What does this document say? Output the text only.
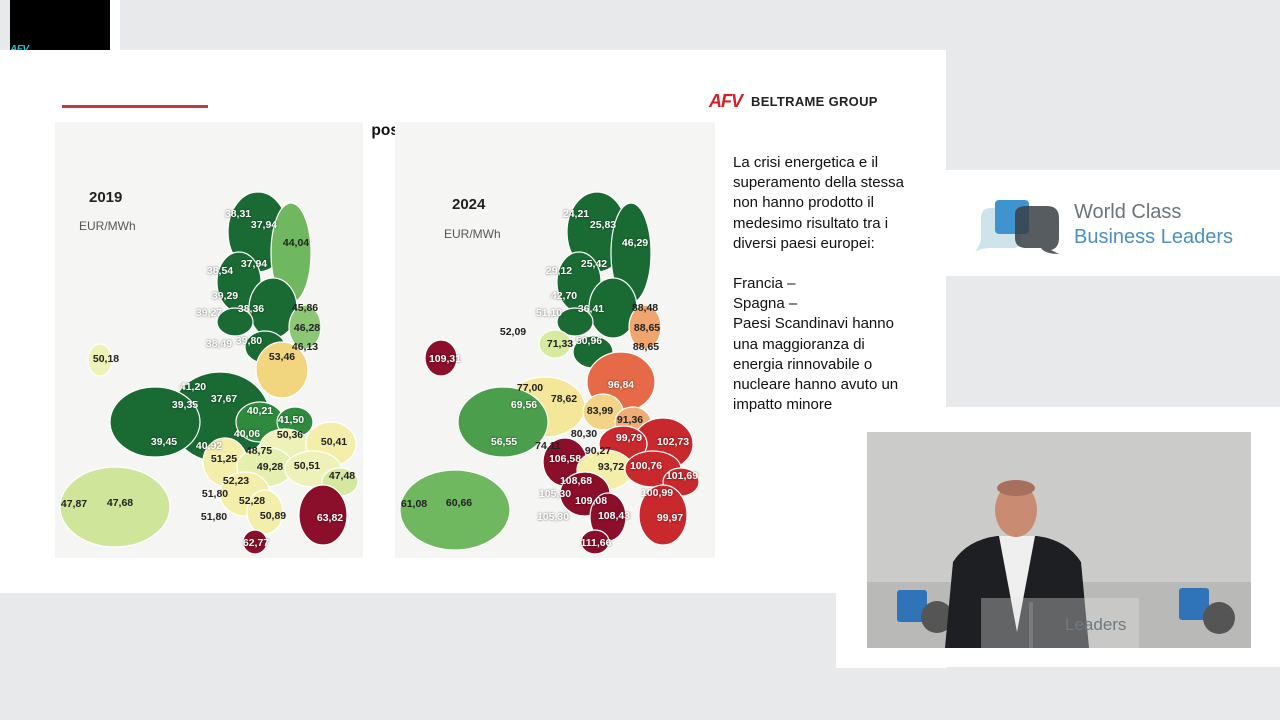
World Class
Business Leaders
post
AFV BELTRAME GROUP

La crisi energetica e il superamento della stessa non hanno prodotto il medesimo risultato tra i diversi paesi europei:

Francia –

Spagna –

Paesi Scandinavi hanno una maggioranza di energia rinnovabile o nucleare hanno avuto un impatto minore

2019
EUR/MWh
38,31
37,94
44,04
37,94
38,54
39,29
38,36
39,27	45,86
46,28
38,49 39,80	46,13
50,18	53,46
41,20
39,35 37,67
40,21
41,50
39,45
40,06 50,36
50,41
40,92 48,75
51,25
49,28 50,51
47,48
52,23
47,87 47,68
51,80
52,28
50,89	63,82
51,80
62,77
2024
EUR/MWh
24,21
25,83
46,29
25,42
29,12
42,70
36,41
51,10	88,48
52,09	88,65
50,96
71,33	88,65
109,31
96,84
77,00
69,56 78,62
83,99
91,36
80,30 99,79 102,73
56,55 74,11 90,27
106,58
93,72 100,76
101,69
108,68
61,08 60,66
105,30
109,08
100,99
105,30	108,43	99,97
111,66
Leaders
